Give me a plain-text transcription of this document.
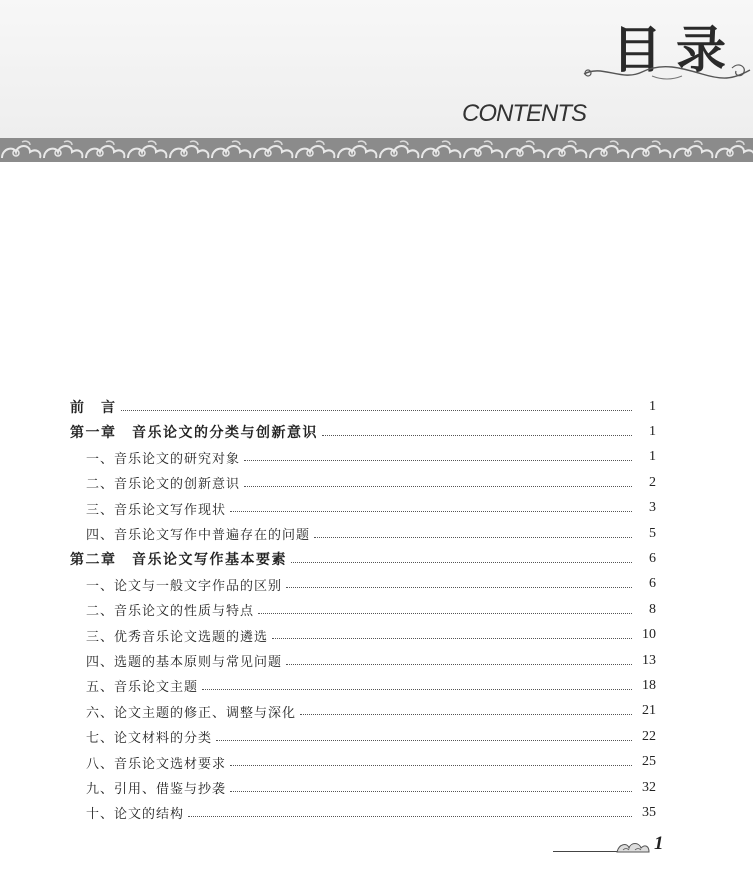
目录
CONTENTS
前　言	1
第一章　音乐论文的分类与创新意识	1
一、音乐论文的研究对象	1
二、音乐论文的创新意识	2
三、音乐论文写作现状	3
四、音乐论文写作中普遍存在的问题	5
第二章　音乐论文写作基本要素	6
一、论文与一般文字作品的区别	6
二、音乐论文的性质与特点	8
三、优秀音乐论文选题的遴选	10
四、选题的基本原则与常见问题	13
五、音乐论文主题	18
六、论文主题的修正、调整与深化	21
七、论文材料的分类	22
八、音乐论文选材要求	25
九、引用、借鉴与抄袭	32
十、论文的结构	35
1
